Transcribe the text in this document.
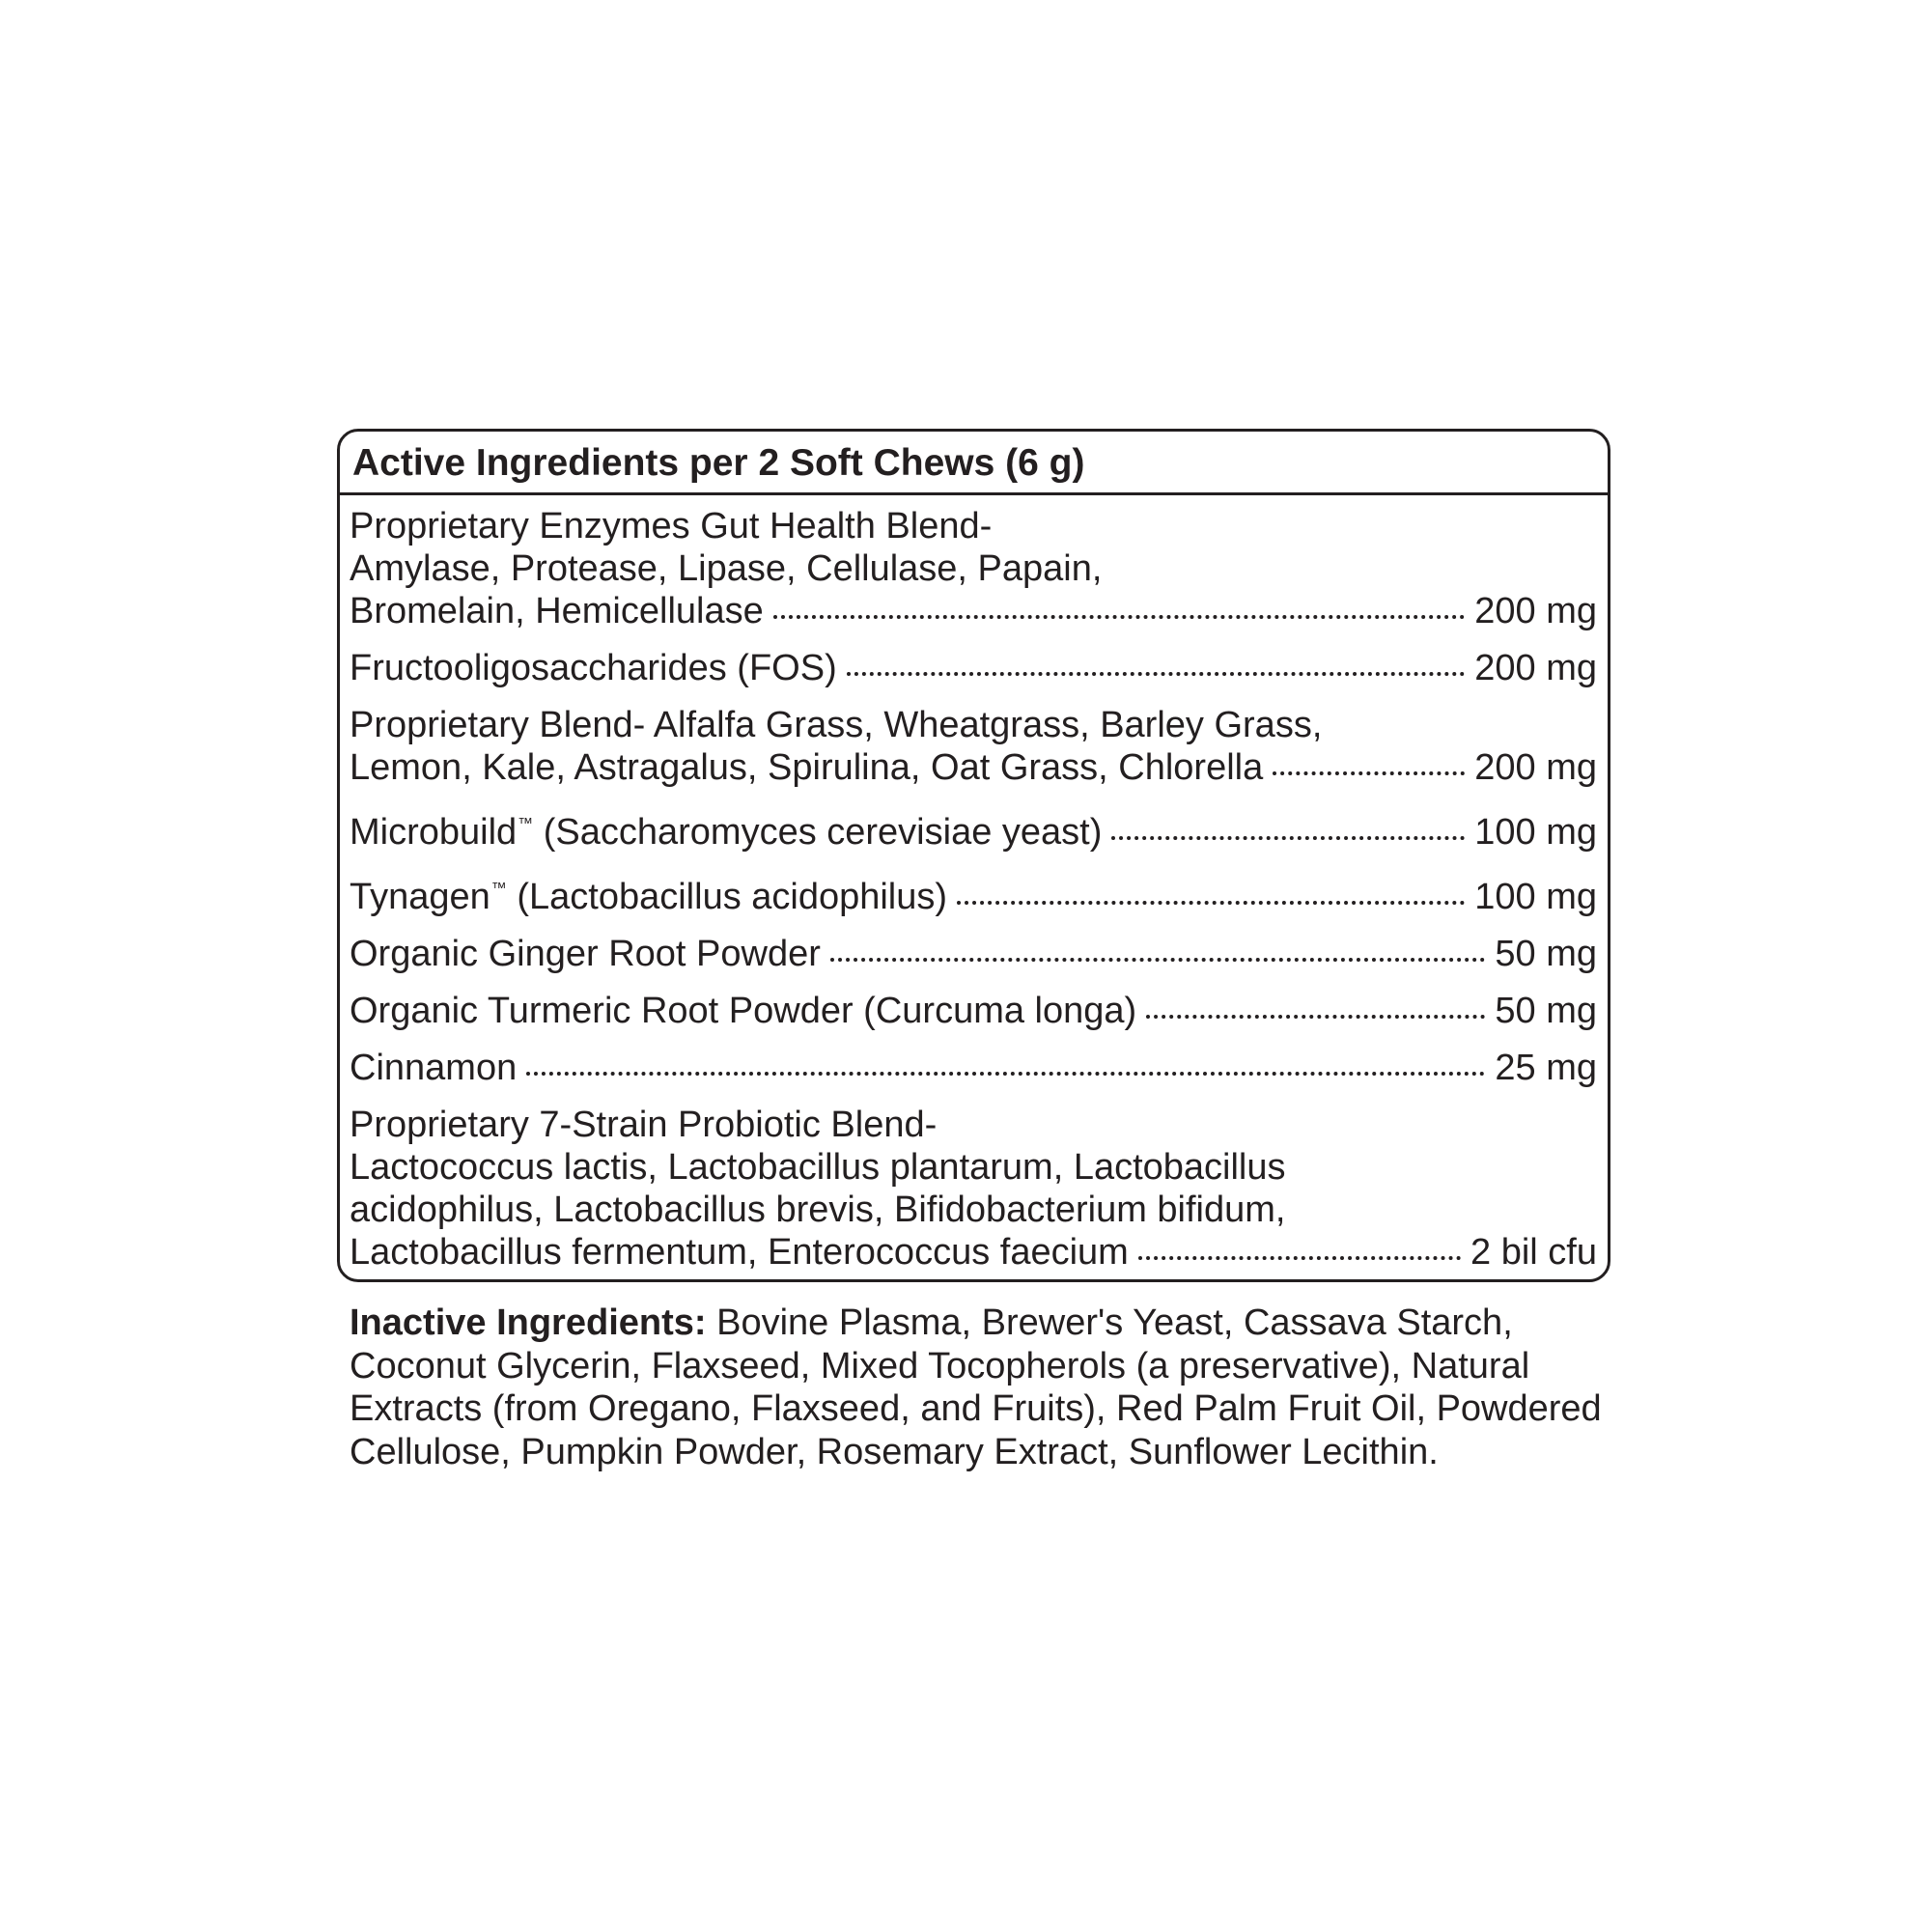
Active Ingredients per 2 Soft Chews (6 g)
Proprietary Enzymes Gut Health Blend-
Amylase, Protease, Lipase, Cellulase, Papain,
Bromelain, Hemicellulase	200 mg
Fructooligosaccharides (FOS)	200 mg
Proprietary Blend- Alfalfa Grass, Wheatgrass, Barley Grass,
Lemon, Kale, Astragalus, Spirulina, Oat Grass, Chlorella	200 mg
Microbuild™ (Saccharomyces cerevisiae yeast)	100 mg
Tynagen™ (Lactobacillus acidophilus)	100 mg
Organic Ginger Root Powder	50 mg
Organic Turmeric Root Powder (Curcuma longa)	50 mg
Cinnamon	25 mg
Proprietary 7-Strain Probiotic Blend-
Lactococcus lactis, Lactobacillus plantarum, Lactobacillus
acidophilus, Lactobacillus brevis, Bifidobacterium bifidum,
Lactobacillus fermentum, Enterococcus faecium	2 bil cfu
Inactive Ingredients: Bovine Plasma, Brewer's Yeast, Cassava Starch, Coconut Glycerin, Flaxseed, Mixed Tocopherols (a preservative), Natural Extracts (from Oregano, Flaxseed, and Fruits), Red Palm Fruit Oil, Powdered Cellulose, Pumpkin Powder, Rosemary Extract, Sunflower Lecithin.
